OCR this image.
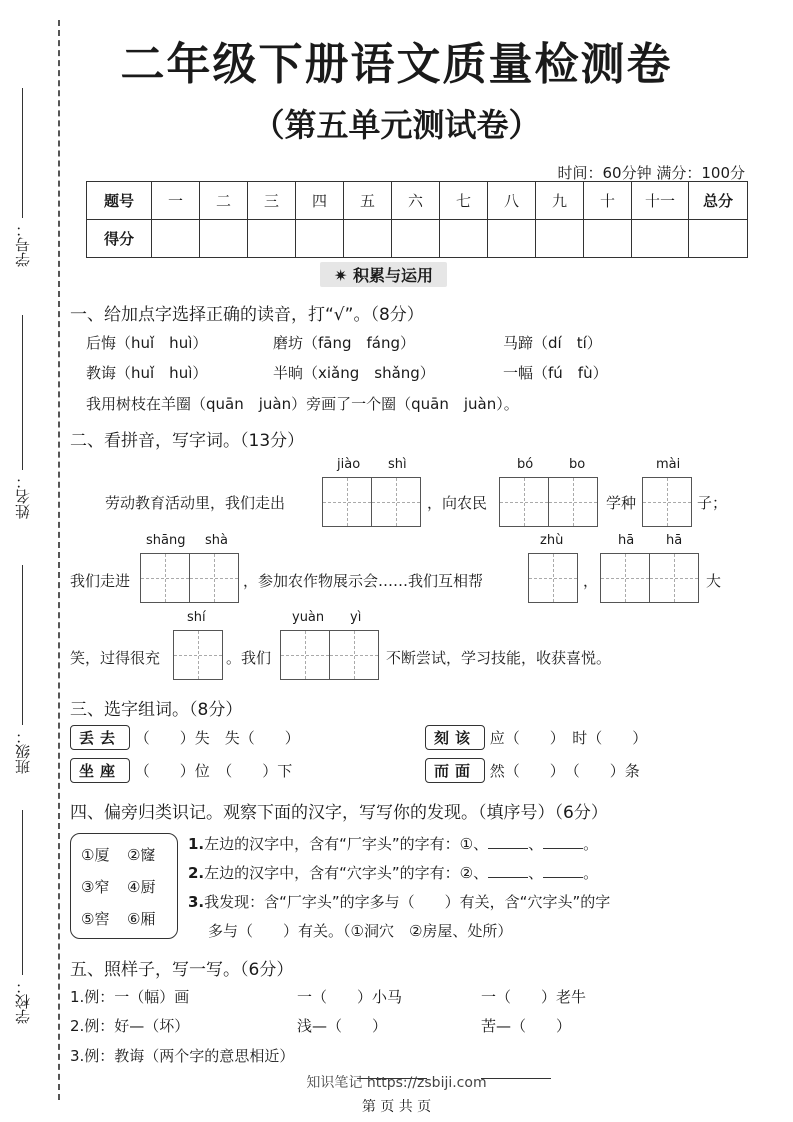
学号：
姓名：
班级：
学校：
二年级下册语文质量检测卷
（第五单元测试卷）
时间：60分钟 满分：100分
题号	一	二	三	四	五	六	七	八	九	十	十一	总分
得分												
✷ 积累与运用
一、给加点字选择正确的读音，打“√”。（8分）
后悔（huǐ　huì）	磨坊（fāng　fáng）	马蹄（dí　tí）
教诲（huǐ　huì）	半晌（xiǎng　shǎng）	一幅（fú　fù）
我用树枝在羊圈（quān　juàn）旁画了一个圈（quān　juàn）。
二、看拼音，写字词。（13分）
劳动教育活动里，我们走出
jiào shì
，向农民
bó	bo
学种
mài
子；
我们走进
shāng shà
，参加农作物展示会……我们互相帮
zhù
，
hā hā
大
笑，过得很充
shí
。我们
yuàn yì
不断尝试，学习技能，收获喜悦。
三、选字组词。（8分）
丢去 （　　）失　失（　　）	刻该 应（　　）　时（　　）
坐座 （　　）位　（　　）下	而面 然（　　）　（　　）条
四、偏旁归类识记。观察下面的汉字，写写你的发现。（填序号）（6分）
①厦 ②窿
③窄 ④厨
⑤窖 ⑥厢
1.左边的汉字中，含有“厂字头”的字有：①、	、	。
2.左边的汉字中，含有“穴字头”的字有：②、	、	。
3.我发现：含“厂字头”的字多与（　　）有关，含“穴字头”的字
多与（　　）有关。（①洞穴　②房屋、处所）
五、照样子，写一写。（6分）
1.例：一（幅）画	一（　　）小马	一（　　）老牛
2.例：好—（坏）	浅—（　　）	苦—（　　）
3.例：教诲（两个字的意思相近）
知识笔记 https://zsbiji.com
第 页 共 页
